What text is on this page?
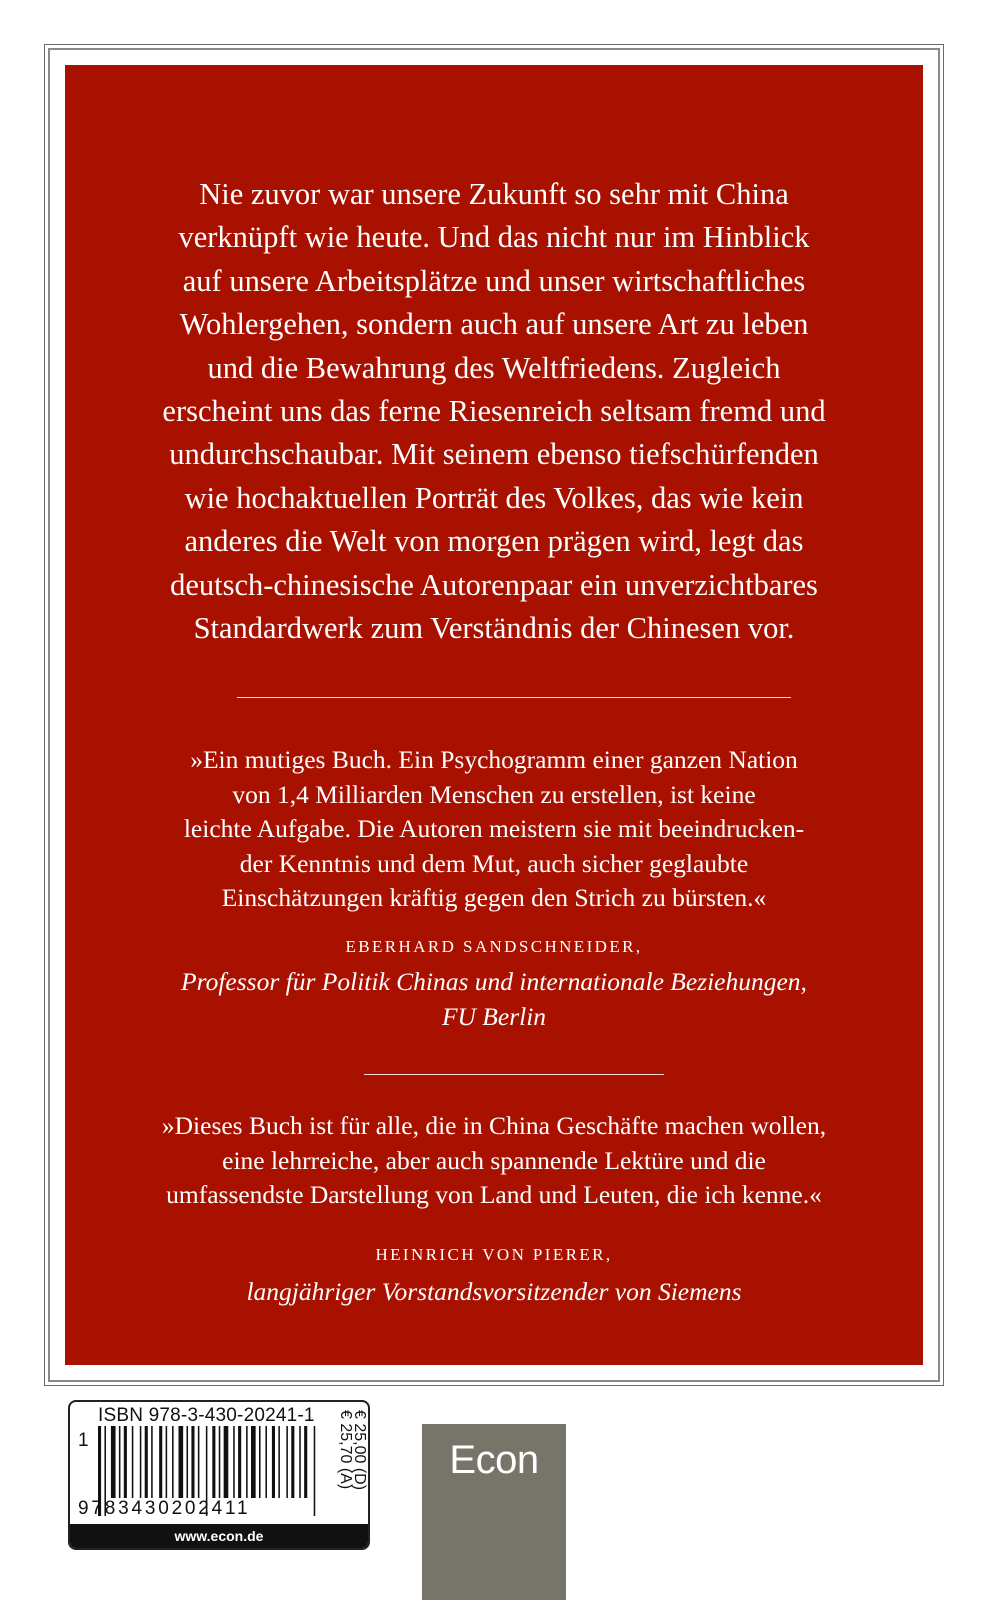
Nie zuvor war unsere Zukunft so sehr mit China
verknüpft wie heute. Und das nicht nur im Hinblick
auf unsere Arbeitsplätze und unser wirtschaftliches
Wohlergehen, sondern auch auf unsere Art zu leben
und die Bewahrung des Weltfriedens. Zugleich
erscheint uns das ferne Riesenreich seltsam fremd und
undurchschaubar. Mit seinem ebenso tiefschürfenden
wie hochaktuellen Porträt des Volkes, das wie kein
anderes die Welt von morgen prägen wird, legt das
deutsch-chinesische Autorenpaar ein unverzichtbares
Standardwerk zum Verständnis der Chinesen vor.

»Ein mutiges Buch. Ein Psychogramm einer ganzen Nation
von 1,4 Milliarden Menschen zu erstellen, ist keine
leichte Aufgabe. Die Autoren meistern sie mit beeindrucken-
der Kenntnis und dem Mut, auch sicher geglaubte
Einschätzungen kräftig gegen den Strich zu bürsten.«

EBERHARD SANDSCHNEIDER,
Professor für Politik Chinas und internationale Beziehungen,
FU Berlin

»Dieses Buch ist für alle, die in China Geschäfte machen wollen,
eine lehrreiche, aber auch spannende Lektüre und die
umfassendste Darstellung von Land und Leuten, die ich kenne.«

HEINRICH VON PIERER,
langjähriger Vorstandsvorsitzender von Siemens
ISBN 978-3-430-20241-1
1
9783430202411
€ 25,00 (D)
€ 25,70 (A)
www.econ.de
Econ
